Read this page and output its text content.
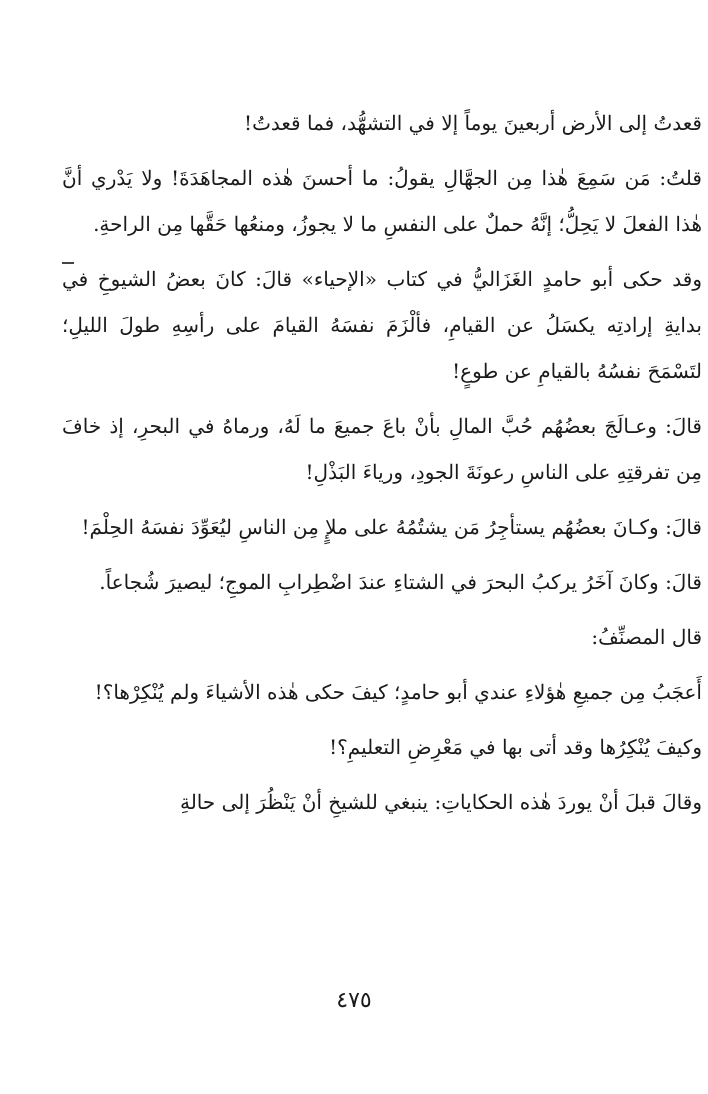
قعدتُ إلى الأرض أربعينَ يوماً إلا في التشهُّد، فما قعدتُ!

قلتُ: مَن سَمِعَ هٰذا مِن الجهَّالِ يقولُ: ما أحسنَ هٰذه المجاهَدَةَ! ولا يَدْري أنَّ هٰذا الفعلَ لا يَحِلُّ؛ إنَّهُ حملٌ على النفسِ ما لا يجوزُ، ومنعُها حَقَّها مِن الراحةِ.

وقد حكى أبو حامدٍ الغَزَاليُّ في كتاب «الإحياء» قالَ: كانَ بعضُ الشيوخِ في بدايةِ إرادتِه يكسَلُ عن القيامِ، فألْزَمَ نفسَهُ القيامَ على رأسِهِ طولَ الليلِ؛ لتَسْمَحَ نفسُهُ بالقيامِ عن طوعٍ!

قالَ: وعـالَجَ بعضُهُم حُبَّ المالِ بأنْ باعَ جميعَ ما لَهُ، ورماهُ في البحرِ، إذ خافَ مِن تفرقتِهِ على الناسِ رعونَةَ الجودِ، ورياءَ البَذْلِ!

قالَ: وكـانَ بعضُهُم يستأجِرُ مَن يشتُمُهُ على ملإٍ مِن الناسِ ليُعَوِّدَ نفسَهُ الحِلْمَ!

قالَ: وكانَ آخَرُ يركبُ البحرَ في الشتاءِ عندَ اضْطِرابِ الموجِ؛ ليصيرَ شُجاعاً.

قال المصنِّفُ:

أَعجَبُ مِن جميعِ هٰؤلاءِ عندي أبو حامدٍ؛ كيفَ حكى هٰذه الأشياءَ ولم يُنْكِرْها؟!

وكيفَ يُنْكِرُها وقد أتى بها في مَعْرِضِ التعليمِ؟!

وقالَ قبلَ أنْ يوردَ هٰذه الحكاياتِ: ينبغي للشيخِ أنْ يَنْظُرَ إلى حالةِ

٤٧٥
